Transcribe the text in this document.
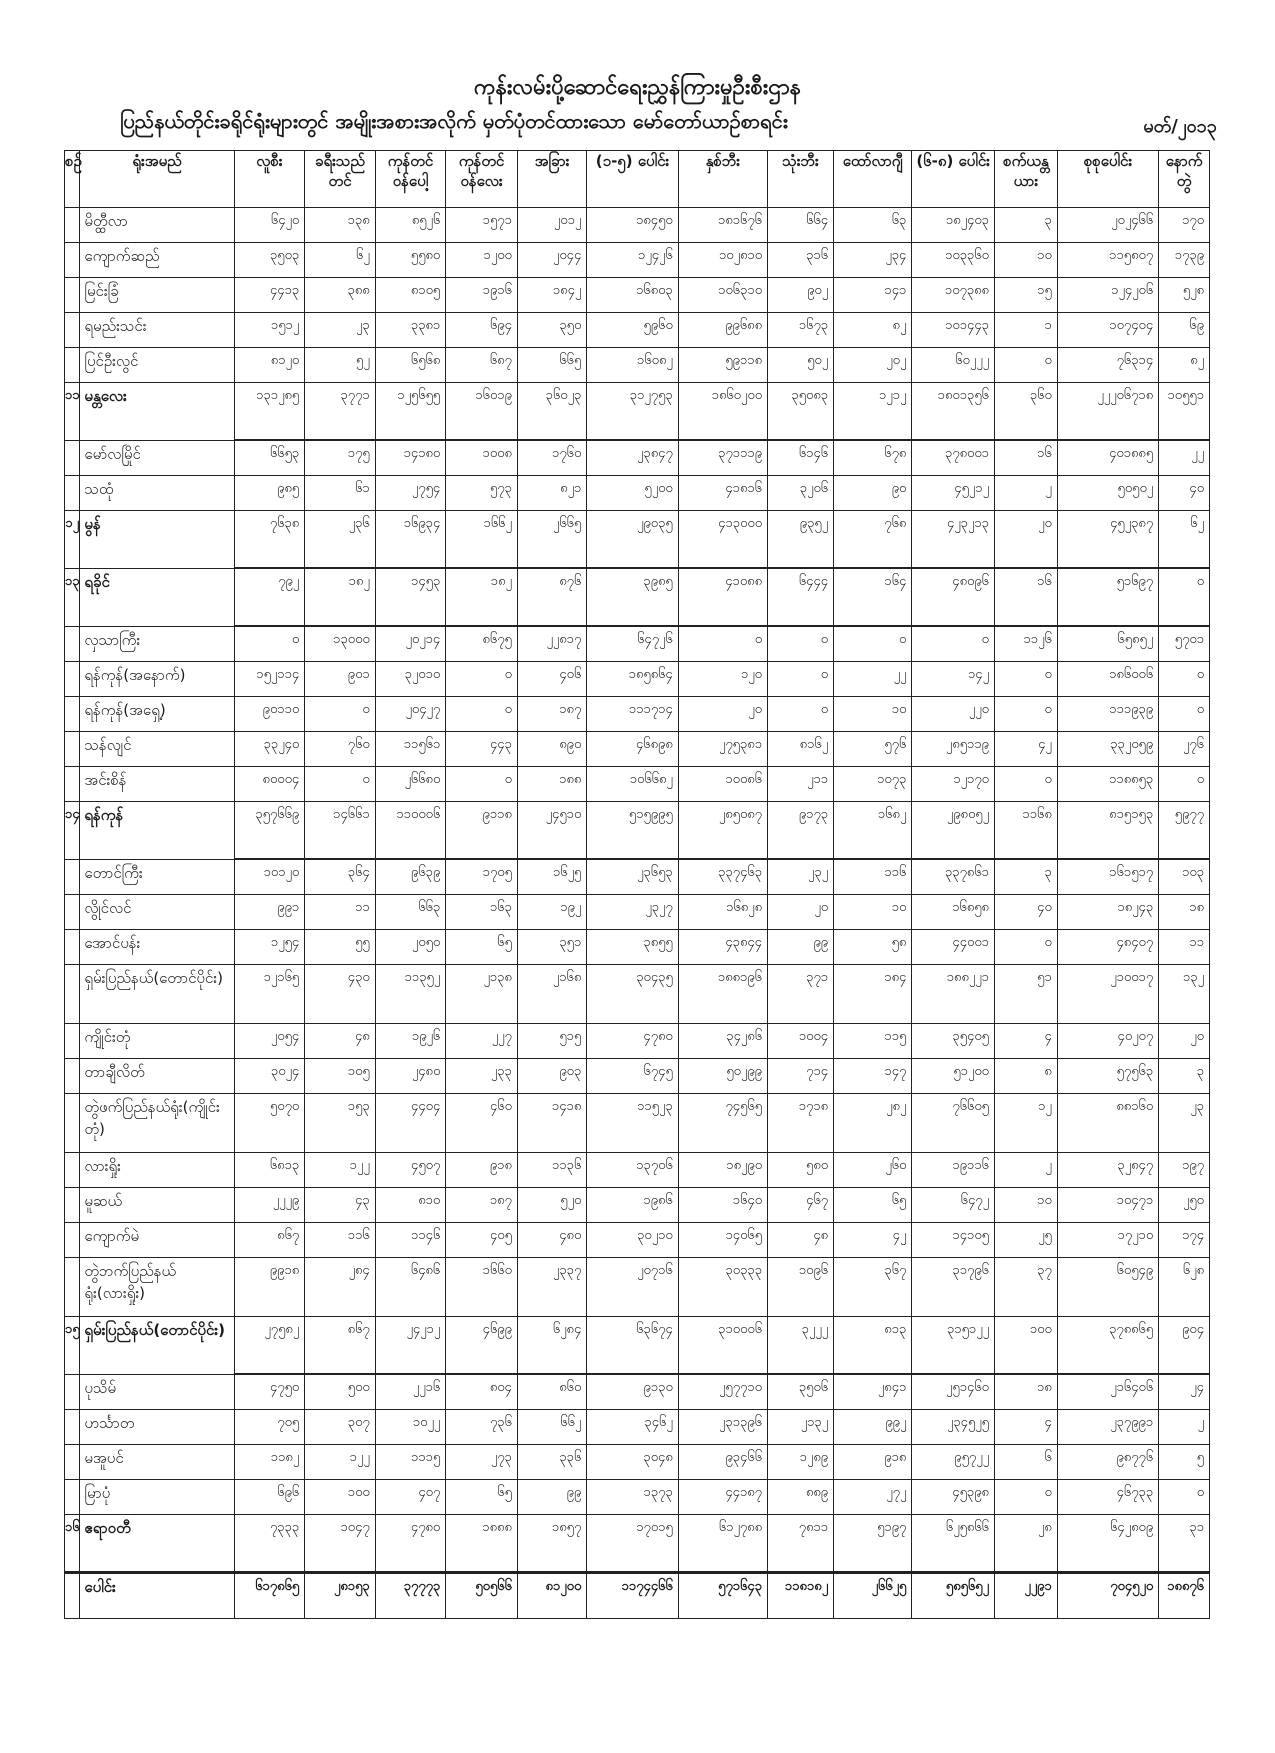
ကုန်းလမ်းပို့ဆောင်ရေးညွှန်ကြားမှုဦးစီးဌာန
ပြည်နယ်တိုင်းခရိုင်ရုံးများတွင် အမျိုးအစားအလိုက် မှတ်ပုံတင်ထားသော မော်တော်ယာဉ်စာရင်း	မတ်/၂၀၁၃
စဉ်	ရုံးအမည်	လူစီး	ခရီးသည်တင်	ကုန်တင်ဝန်ပေါ့	ကုန်တင်ဝန်လေး	အခြား	(၁-၅) ပေါင်း	နှစ်ဘီး	သုံးဘီး	ထော်လာဂျီ	(၆-၈) ပေါင်း	စက်ယန္တယား	စုစုပေါင်း	နောက်တွဲ
	မိတ္ထီလာ	၆၄၂၀	၁၃၈	၈၅၂၆	၁၅၇၁	၂၀၁၂	၁၈၄၅၀	၁၈၁၆၇၆	၆၆၄	၆၃	၁၈၂၄၀၃	၃	၂၀၂၄၆၆	၁၇၀
	ကျောက်ဆည်	၃၅၀၃	၆၂	၅၅၈၀	၁၂၀၀	၂၀၄၄	၁၂၄၂၆	၁၀၂၈၁၀	၃၁၆	၂၃၄	၁၀၃၃၆၀	၁၀	၁၁၅၈၀၇	၁၇၃၉
	မြင်းခြံ	၄၄၁၃	၃၈၈	၈၁၀၅	၁၉၁၆	၁၈၄၂	၁၆၈၀၃	၁၀၆၃၁၀	၉၀၂	၁၄၁	၁၀၇၃၈၈	၁၅	၁၂၄၂၀၆	၅၂၈
	ရမည်းသင်း	၁၅၁၂	၂၃	၃၃၈၁	၆၉၄	၃၅၀	၅၉၆၀	၉၉၆၈၈	၁၆၇၃	၈၂	၁၀၁၄၄၃	၁	၁၀၇၄၀၄	၆၉
	ပြင်ဦးလွင်	၈၁၂၀	၅၂	၆၅၆၈	၆၈၇	၆၆၅	၁၆၀၈၂	၅၉၁၁၈	၅၀၂	၂၀၂	၆၀၂၂၂	၀	၇၆၃၁၄	၈၂
၁၁	မန္တလေး	၁၃၁၂၈၅	၃၇၇၁	၁၂၅၆၅၅	၁၆၀၁၉	၃၆၀၂၃	၃၁၂၇၅၃	၁၈၆၀၂၀၀	၃၅၀၈၃	၁၂၁၂	၁၈၀၁၃၅၆	၃၆၀	၂၂၂၀၆၇၁၈	၁၀၅၅၁
	မော်လမြိုင်	၆၆၅၃	၁၇၅	၁၄၁၈၀	၁၀၀၈	၁၇၆၀	၂၃၈၄၇	၃၇၁၁၁၉	၆၁၄၆	၆၇၈	၃၇၈၀၀၁	၁၆	၄၀၁၈၈၅	၂၂
	သထုံ	၉၈၅	၆၁	၂၇၅၄	၅၇၃	၈၂၁	၅၂၀၀	၄၁၈၁၆	၃၂၀၆	၉၀	၄၅၂၁၂	၂	၅၀၅၀၂	၄၀
၁၂	မွန်	၇၆၃၈	၂၃၆	၁၆၉၃၄	၁၆၆၂	၂၆၆၅	၂၉၀၃၅	၄၁၃၀၀၀	၉၃၅၂	၇၆၈	၄၂၃၂၁၃	၂၀	၄၅၂၃၈၇	၆၂
၁၃	ရခိုင်	၇၉၂	၁၈၂	၁၄၅၃	၁၈၂	၈၇၆	၃၉၈၅	၄၁၀၈၈	၆၄၄၄	၁၆၄	၄၈၀၉၆	၁၆	၅၁၆၉၇	၀
	လှသာကြီး	၀	၁၃၀၀၀	၂၀၂၁၄	၈၆၇၅	၂၂၈၁၇	၆၄၇၂၆	၀	၀	၀	၀	၁၁၂၆	၆၅၈၅၂	၅၇၀၁
	ရန်ကုန်(အနောက်)	၁၅၂၁၁၄	၉၀၁	၃၂၀၁၀	၀	၄၀၆	၁၈၅၈၆၄	၁၂၀	၀	၂၂	၁၄၂	၀	၁၈၆၀၀၆	၀
	ရန်ကုန်(အရှေ့)	၉၀၁၁၀	၀	၂၀၄၂၇	၀	၁၈၇	၁၁၁၇၁၄	၂၀	၀	၁၀	၂၂၀	၀	၁၁၁၉၃၉	၀
	သန်လျင်	၃၃၂၄၀	၇၆၀	၁၁၅၆၁	၄၄၃	၈၉၀	၄၆၈၉၈	၂၇၅၃၈၁	၈၁၆၂	၅၇၆	၂၈၅၁၁၉	၄၂	၃၃၂၀၅၉	၂၇၆
	အင်းစိန်	၈၀၀၀၄	၀	၂၆၆၈၀	၀	၁၈၈	၁၀၆၆၈၂	၁၀၀၈၆	၂၁၁	၁၀၇၃	၁၂၁၇၀	၀	၁၁၈၈၅၃	၀
၁၄	ရန်ကုန်	၃၅၇၆၆၉	၁၄၆၆၁	၁၁၀၀၀၆	၉၁၁၈	၂၄၅၁၀	၅၁၅၉၉၅	၂၈၅၀၈၇	၉၁၇၃	၁၆၈၂	၂၉၈၀၅၂	၁၁၆၈	၈၁၅၁၅၃	၅၉၇၇
	တောင်ကြီး	၁၀၁၂၀	၃၆၄	၉၆၃၉	၁၇၀၅	၁၆၂၅	၂၃၆၅၃	၃၃၇၄၆၃	၂၃၂	၁၁၆	၃၃၇၈၆၁	၃	၁၆၁၅၁၇	၁၀၃
	လွိုင်လင်	၉၉၁	၁၁	၆၆၃	၁၆၃	၁၉၂	၂၃၂၇	၁၆၈၂၈	၂၀	၁၀	၁၆၈၅၈	၄၀	၁၈၂၄၃	၁၈
	အောင်ပန်း	၁၂၅၄	၅၅	၂၀၅၀	၆၅	၃၅၁	၃၈၅၅	၄၃၈၄၄	၉၉	၅၈	၄၄၀၀၁	၀	၄၈၄၀၇	၁၁
	ရှမ်းပြည်နယ်(တောင်ပိုင်း)	၁၂၁၆၅	၄၃၀	၁၁၃၅၂	၂၁၃၈	၂၁၆၈	၃၀၄၃၅	၁၈၈၁၉၆	၃၇၁	၁၈၄	၁၈၈၂၂၁	၅၁	၂၁၀၀၁၇	၁၃၂
	ကျိုင်းတုံ	၂၀၅၄	၄၈	၁၉၂၆	၂၂၇	၅၁၅	၄၇၈၀	၃၄၂၈၆	၁၀၀၄	၁၁၅	၃၅၄၀၅	၄	၄၀၂၀၇	၂၀
	တာချီလိတ်	၃၀၂၄	၁၀၅	၂၄၈၀	၂၃၃	၉၀၃	၆၇၄၅	၅၀၂၉၉	၇၁၄	၁၄၇	၅၁၂၀၀	၈	၅၇၅၆၃	၃
	တွဲဖက်ပြည်နယ်ရုံး(ကျိုင်းတုံ)	၅၀၇၀	၁၅၃	၄၄၀၄	၄၆၀	၁၄၁၈	၁၁၅၂၃	၇၄၅၆၅	၁၇၁၈	၂၈၂	၇၆၆၀၅	၁၂	၈၈၁၆၀	၂၃
	လားရှိုး	၆၈၁၃	၁၂၂	၄၅၀၇	၉၁၈	၁၁၃၆	၁၃၇၀၆	၁၈၂၉၀	၅၈၀	၂၆၀	၁၉၁၁၆	၂	၃၂၈၄၇	၁၉၇
	မူဆယ်	၂၂၂၉	၄၃	၈၁၀	၁၈၇	၅၂၀	၁၉၈၆	၁၆၄၀	၄၆၇	၆၅	၆၄၇၂	၁၀	၁၀၄၇၁	၂၅၀
	ကျောက်မဲ	၈၆၇	၁၁၆	၁၁၄၆	၄၀၅	၄၈၀	၃၀၂၁၀	၁၄၀၆၅	၄၈	၄၂	၁၄၁၀၅	၂၅	၁၇၂၁၀	၁၇၄
	တွဲဘက်ပြည်နယ်ရုံး(လားရှိုး)	၉၉၁၈	၂၈၄	၆၄၈၆	၁၆၆၀	၂၃၃၇	၂၀၇၁၆	၃၀၃၃၃	၁၀၉၆	၃၆၇	၃၁၇၉၆	၃၇	၆၀၅၄၉	၆၂၈
၁၅	ရှမ်းပြည်နယ်(တောင်ပိုင်း)	၂၇၅၈၂	၈၆၇	၂၄၂၁၂	၄၆၉၉	၆၂၈၄	၆၃၆၇၄	၃၁၀၀၀၆	၃၂၂၂	၈၁၃	၃၁၅၁၂၂	၁၀၀	၃၇၈၈၆၅	၉၀၄
	ပုသိမ်	၄၇၅၀	၅၀၀	၂၂၁၆	၈၀၄	၈၆၀	၉၁၃၀	၂၅၇၇၁၀	၃၅၀၆	၂၈၄၁	၂၅၁၄၆၀	၁၈	၂၁၆၄၀၆	၂၄
	ဟင်္သာတ	၇၀၅	၃၀၇	၁၀၂၂	၇၃၆	၆၆၂	၃၄၆၂	၂၃၁၃၉၆	၂၁၃၂	၉၉၂	၂၃၄၅၂၅	၄	၂၃၇၉၉၁	၂
	မအူပင်	၁၁၈၂	၁၂၂	၁၁၁၅	၂၇၃	၃၃၆	၃၀၄၈	၉၃၄၆၆	၁၂၈၉	၉၁၈	၉၅၇၂၂	၆	၉၈၇၇၆	၅
	မြာပုံ	၆၉၆	၁၀၀	၄၀၇	၆၅	၉၉	၁၃၇၃	၄၄၁၈၇	၈၈၉	၂၇၂	၄၅၃၉၈	၀	၄၆၇၃၃	၀
၁၆	ဧရာဝတီ	၇၃၃၃	၁၀၄၇	၄၇၈၀	၁၈၈၈	၁၈၅၇	၁၇၀၁၅	၆၁၂၇၈၈	၇၈၁၁	၅၁၉၇	၆၂၅၈၆၆	၂၈	၆၄၂၈၀၉	၃၁
	ပေါင်း	၆၁၇၈၆၅	၂၈၁၅၃	၃၇၇၇၃	၅၀၅၆၆	၈၁၂၀၀	၁၁၇၄၄၆၆	၅၇၁၆၄၃	၁၁၈၁၈၂	၂၆၆၂၅	၅၈၅၆၅၂	၂၂၉၁	၇၀၄၅၂၀	၁၈၈၇၆
